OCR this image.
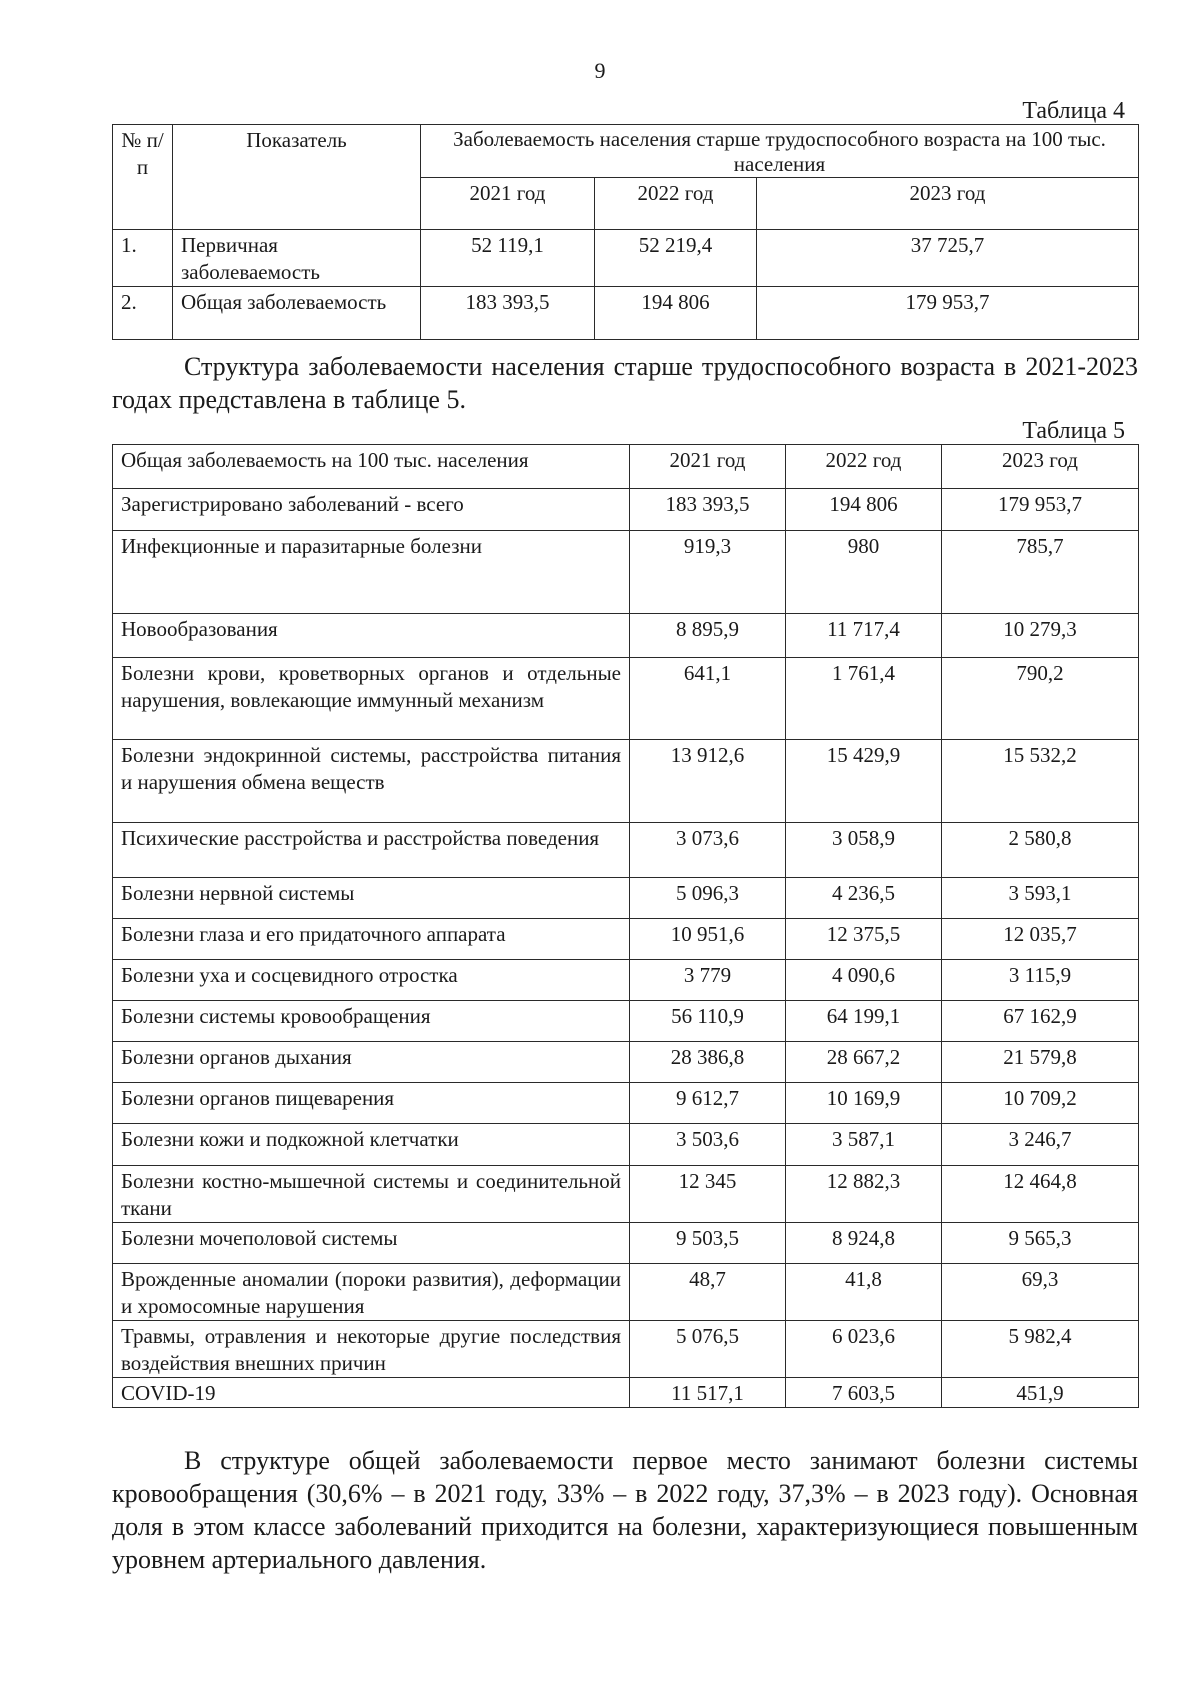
9
Таблица 4
№ п/п	Показатель	Заболеваемость населения старше трудоспособного возраста на 100 тыс. населения		
		2021 год	2022 год	2023 год
1.	Первичная заболеваемость	52 119,1	52 219,4	37 725,7
2.	Общая заболеваемость	183 393,5	194 806	179 953,7
Структура заболеваемости населения старше трудоспособного возраста в 2021-2023 годах представлена в таблице 5.
Таблица 5
Общая заболеваемость на 100 тыс. населения	2021 год	2022 год	2023 год
Зарегистрировано заболеваний - всего	183 393,5	194 806	179 953,7
Инфекционные и паразитарные болезни	919,3	980	785,7
Новообразования	8 895,9	11 717,4	10 279,3
Болезни крови, кроветворных органов и отдельные нарушения, вовлекающие иммунный механизм	641,1	1 761,4	790,2
Болезни эндокринной системы, расстройства питания и нарушения обмена веществ	13 912,6	15 429,9	15 532,2
Психические расстройства и расстройства поведения	3 073,6	3 058,9	2 580,8
Болезни нервной системы	5 096,3	4 236,5	3 593,1
Болезни глаза и его придаточного аппарата	10 951,6	12 375,5	12 035,7
Болезни уха и сосцевидного отростка	3 779	4 090,6	3 115,9
Болезни системы кровообращения	56 110,9	64 199,1	67 162,9
Болезни органов дыхания	28 386,8	28 667,2	21 579,8
Болезни органов пищеварения	9 612,7	10 169,9	10 709,2
Болезни кожи и подкожной клетчатки	3 503,6	3 587,1	3 246,7
Болезни костно-мышечной системы и соединительной ткани	12 345	12 882,3	12 464,8
Болезни мочеполовой системы	9 503,5	8 924,8	9 565,3
Врожденные аномалии (пороки развития), деформации и хромосомные нарушения	48,7	41,8	69,3
Травмы, отравления и некоторые другие последствия воздействия внешних причин	5 076,5	6 023,6	5 982,4
COVID-19	11 517,1	7 603,5	451,9
В структуре общей заболеваемости первое место занимают болезни системы кровообращения (30,6% – в 2021 году, 33% – в 2022 году, 37,3% – в 2023 году). Основная доля в этом классе заболеваний приходится на болезни, характеризующиеся повышенным уровнем артериального давления.
